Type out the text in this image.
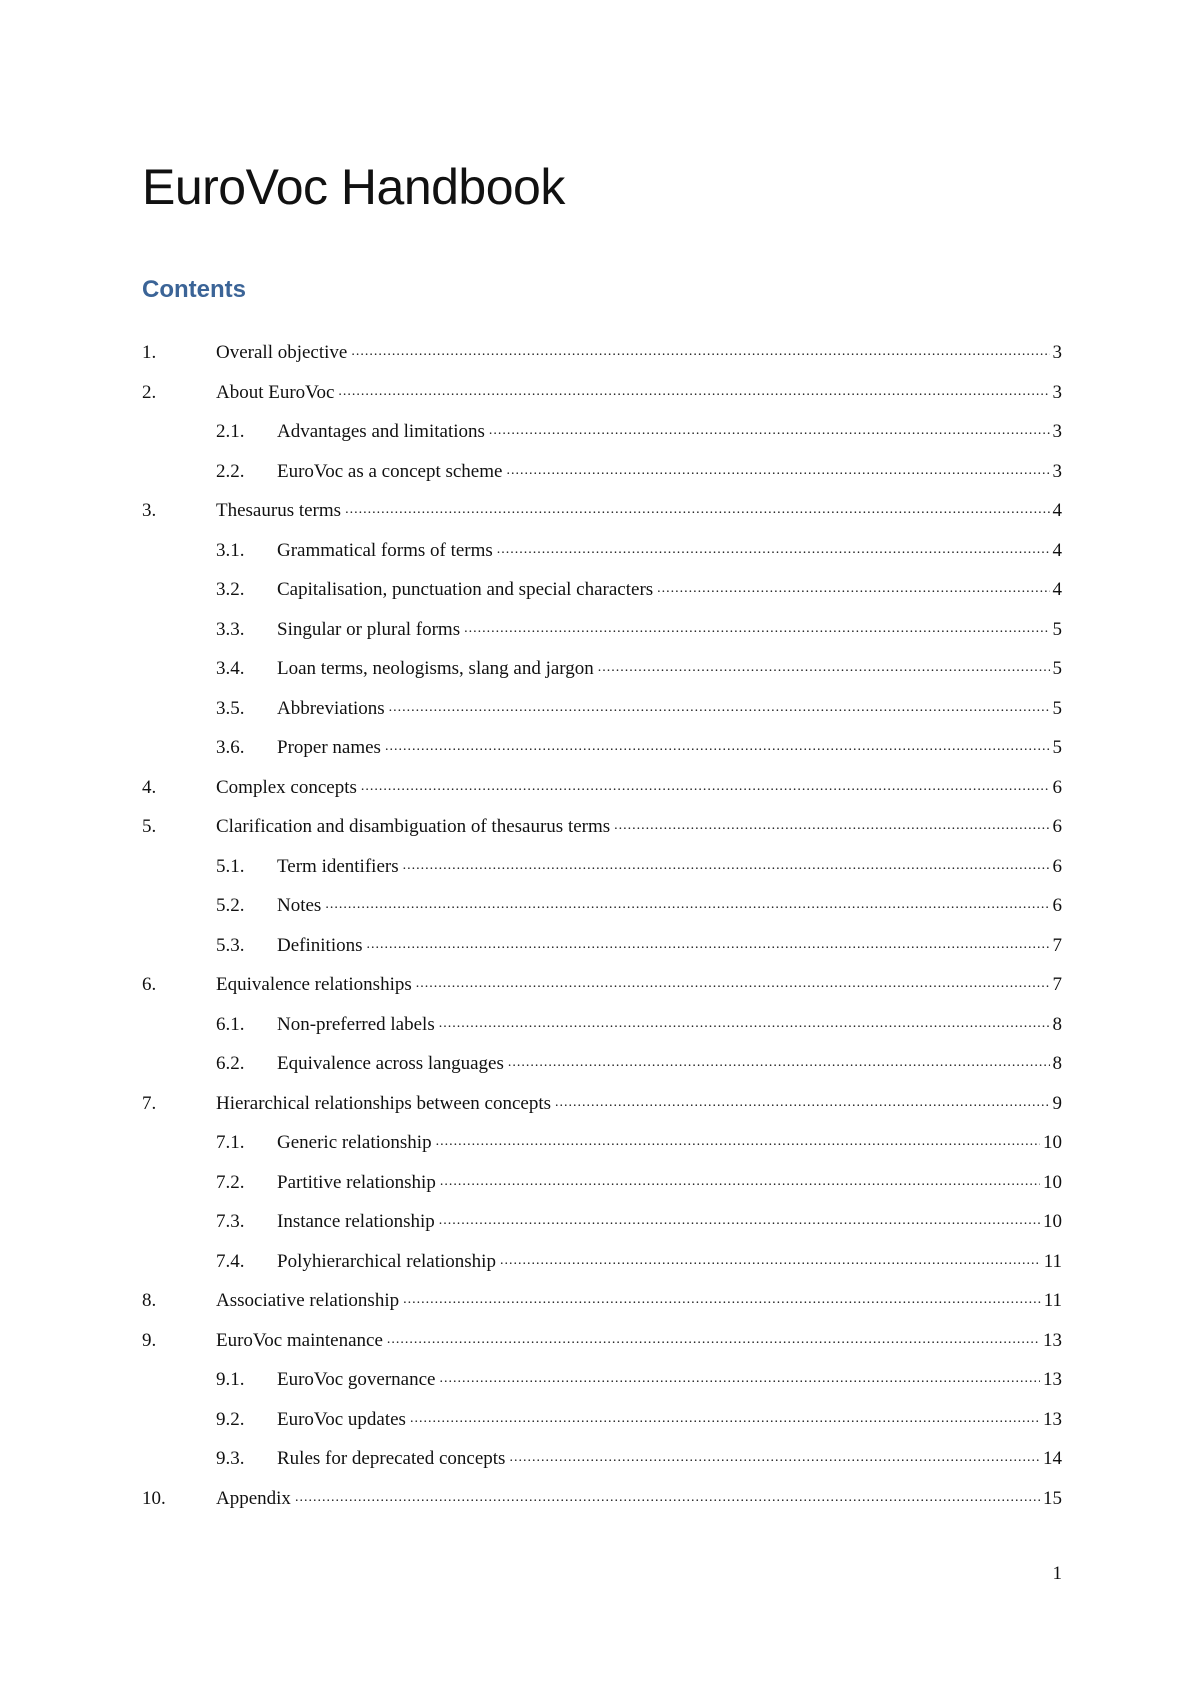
EuroVoc Handbook
Contents
1.	Overall objective .....	3
2.	About EuroVoc .....	3
2.1.	Advantages and limitations .....	3
2.2.	EuroVoc as a concept scheme .....	3
3.	Thesaurus terms .....	4
3.1.	Grammatical forms of terms .....	4
3.2.	Capitalisation, punctuation and special characters .....	4
3.3.	Singular or plural forms .....	5
3.4.	Loan terms, neologisms, slang and jargon .....	5
3.5.	Abbreviations .....	5
3.6.	Proper names .....	5
4.	Complex concepts .....	6
5.	Clarification and disambiguation of thesaurus terms .....	6
5.1.	Term identifiers .....	6
5.2.	Notes .....	6
5.3.	Definitions .....	7
6.	Equivalence relationships .....	7
6.1.	Non-preferred labels .....	8
6.2.	Equivalence across languages .....	8
7.	Hierarchical relationships between concepts .....	9
7.1.	Generic relationship .....	10
7.2.	Partitive relationship .....	10
7.3.	Instance relationship .....	10
7.4.	Polyhierarchical relationship .....	11
8.	Associative relationship .....	11
9.	EuroVoc maintenance .....	13
9.1.	EuroVoc governance .....	13
9.2.	EuroVoc updates .....	13
9.3.	Rules for deprecated concepts .....	14
10.	Appendix .....	15
1
